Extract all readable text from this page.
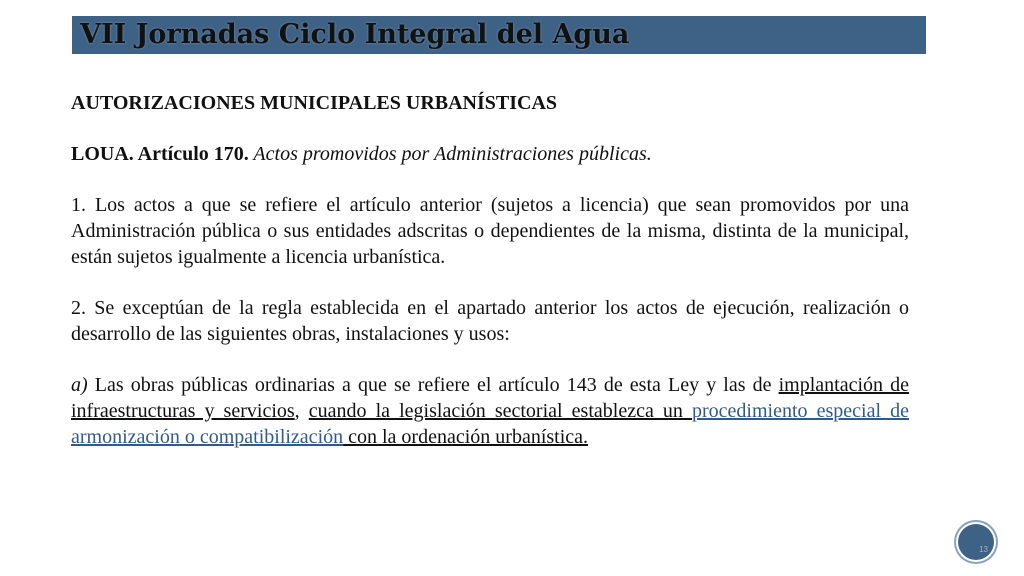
VII Jornadas Ciclo Integral del Agua

AUTORIZACIONES MUNICIPALES URBANÍSTICAS

LOUA. Artículo 170. Actos promovidos por Administraciones públicas.

1. Los actos a que se refiere el artículo anterior (sujetos a licencia) que sean promovidos por una Administración pública o sus entidades adscritas o dependientes de la misma, distinta de la municipal, están sujetos igualmente a licencia urbanística.

2. Se exceptúan de la regla establecida en el apartado anterior los actos de ejecución, realización o desarrollo de las siguientes obras, instalaciones y usos:

a) Las obras públicas ordinarias a que se refiere el artículo 143 de esta Ley y las de implantación de infraestructuras y servicios, cuando la legislación sectorial establezca un procedimiento especial de armonización o compatibilización con la ordenación urbanística.

13
